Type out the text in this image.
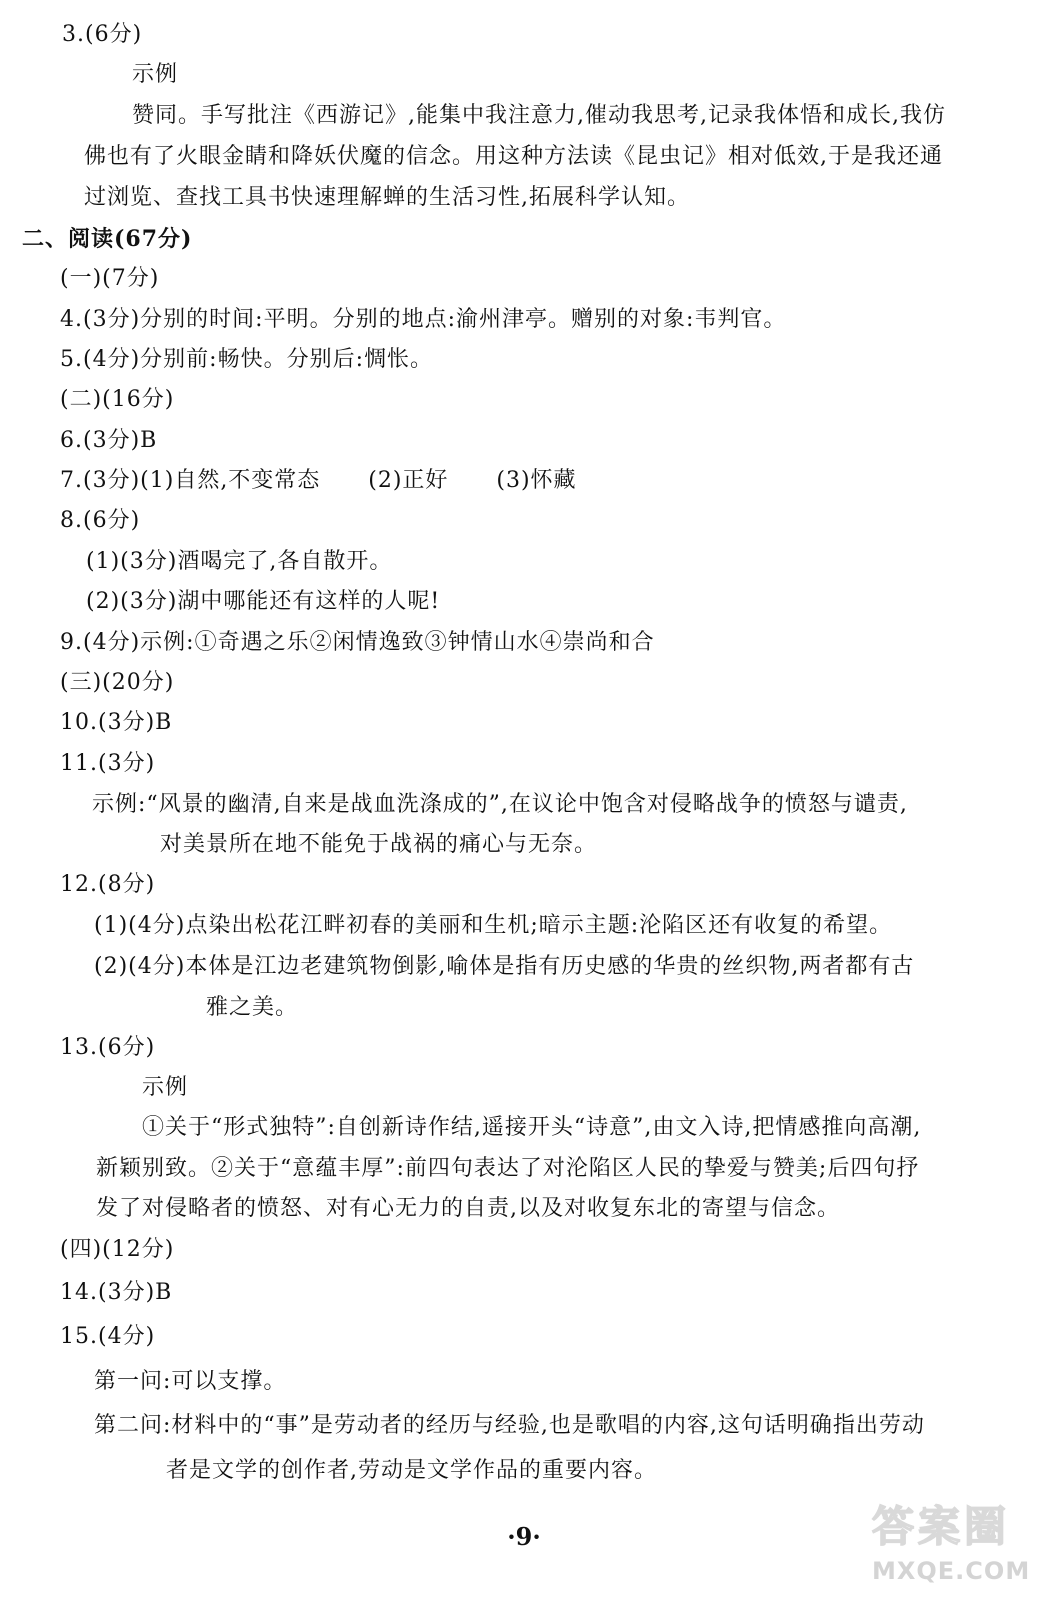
3.(6分)
示例
赞同。手写批注《西游记》,能集中我注意力,催动我思考,记录我体悟和成长,我仿
佛也有了火眼金睛和降妖伏魔的信念。用这种方法读《昆虫记》相对低效,于是我还通
过浏览、查找工具书快速理解蝉的生活习性,拓展科学认知。
二、阅读(67分)
(一)(7分)
4.(3分)分别的时间:平明。分别的地点:渝州津亭。赠别的对象:韦判官。
5.(4分)分别前:畅快。分别后:惆怅。
(二)(16分)
6.(3分)B
7.(3分)(1)自然,不变常态      (2)正好      (3)怀藏
8.(6分)
(1)(3分)酒喝完了,各自散开。
(2)(3分)湖中哪能还有这样的人呢!
9.(4分)示例:①奇遇之乐②闲情逸致③钟情山水④崇尚和合
(三)(20分)
10.(3分)B
11.(3分)
示例:“风景的幽清,自来是战血洗涤成的”,在议论中饱含对侵略战争的愤怒与谴责,
对美景所在地不能免于战祸的痛心与无奈。
12.(8分)
(1)(4分)点染出松花江畔初春的美丽和生机;暗示主题:沦陷区还有收复的希望。
(2)(4分)本体是江边老建筑物倒影,喻体是指有历史感的华贵的丝织物,两者都有古
雅之美。
13.(6分)
示例
①关于“形式独特”:自创新诗作结,遥接开头“诗意”,由文入诗,把情感推向高潮,
新颖别致。②关于“意蕴丰厚”:前四句表达了对沦陷区人民的挚爱与赞美;后四句抒
发了对侵略者的愤怒、对有心无力的自责,以及对收复东北的寄望与信念。
(四)(12分)
14.(3分)B
15.(4分)
第一问:可以支撑。
第二问:材料中的“事”是劳动者的经历与经验,也是歌唱的内容,这句话明确指出劳动
者是文学的创作者,劳动是文学作品的重要内容。
·9·	答案圈
MXQE.COM
